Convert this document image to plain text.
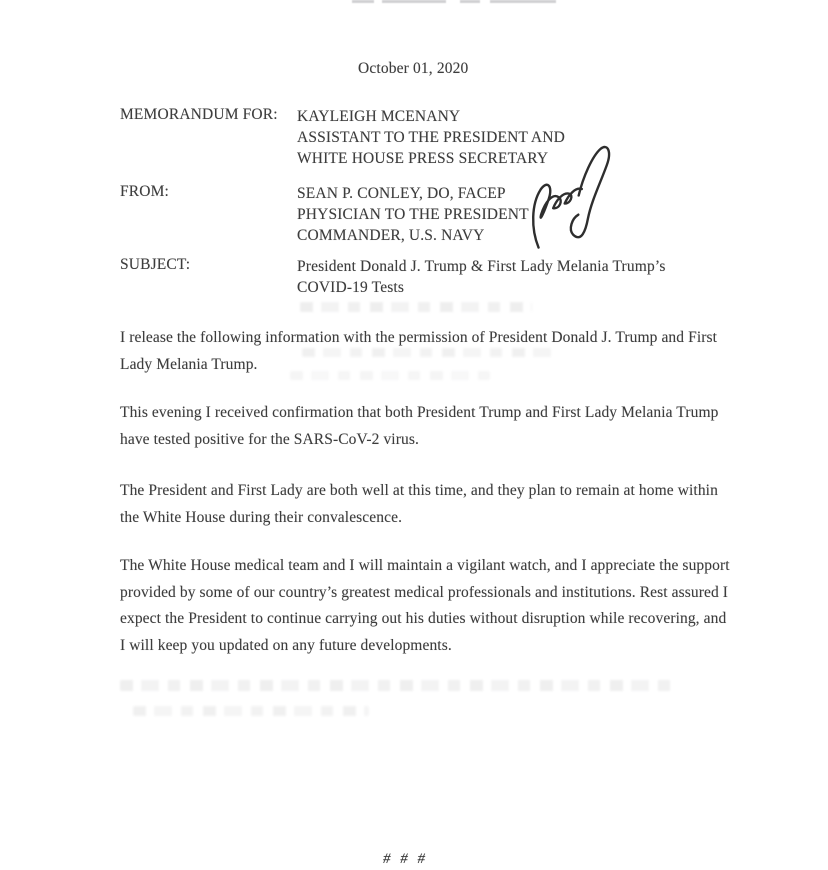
October 01, 2020
MEMORANDUM FOR: KAYLEIGH MCENANY
ASSISTANT TO THE PRESIDENT AND
WHITE HOUSE PRESS SECRETARY
FROM:	SEAN P. CONLEY, DO, FACEP
PHYSICIAN TO THE PRESIDENT
COMMANDER, U.S. NAVY
SUBJECT:	President Donald J. Trump & First Lady Melania Trump’s
COVID-19 Tests
I release the following information with the permission of President Donald J. Trump and First
Lady Melania Trump.
This evening I received confirmation that both President Trump and First Lady Melania Trump
have tested positive for the SARS-CoV-2 virus.
The President and First Lady are both well at this time, and they plan to remain at home within
the White House during their convalescence.
The White House medical team and I will maintain a vigilant watch, and I appreciate the support
provided by some of our country’s greatest medical professionals and institutions. Rest assured I
expect the President to continue carrying out his duties without disruption while recovering, and
I will keep you updated on any future developments.
# # #
